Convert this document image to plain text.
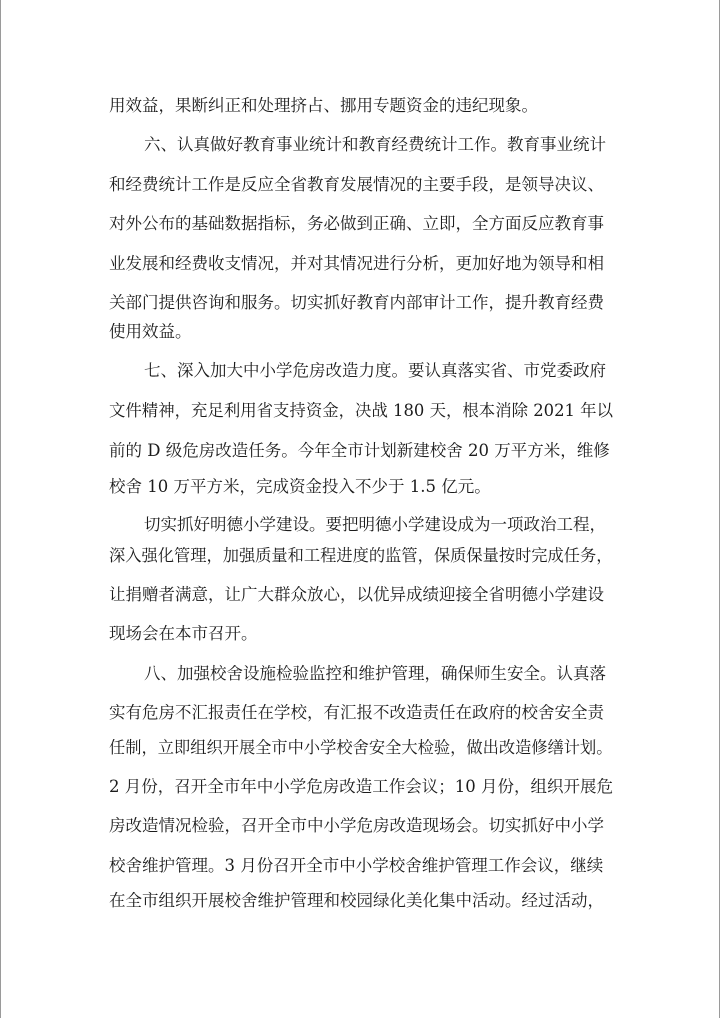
用效益，果断纠正和处理挤占、挪用专题资金的违纪现象。
六、认真做好教育事业统计和教育经费统计工作。教育事业统计
和经费统计工作是反应全省教育发展情况的主要手段，是领导决议、
对外公布的基础数据指标，务必做到正确、立即，全方面反应教育事
业发展和经费收支情况，并对其情况进行分析，更加好地为领导和相
关部门提供咨询和服务。切实抓好教育内部审计工作，提升教育经费
使用效益。
七、深入加大中小学危房改造力度。要认真落实省、市党委政府
文件精神，充足利用省支持资金，决战 180 天，根本消除 2021 年以
前的 D 级危房改造任务。今年全市计划新建校舍 20 万平方米，维修
校舍 10 万平方米，完成资金投入不少于 1.5 亿元。
切实抓好明德小学建设。要把明德小学建设成为一项政治工程，
深入强化管理，加强质量和工程进度的监管，保质保量按时完成任务，
让捐赠者满意，让广大群众放心，以优异成绩迎接全省明德小学建设
现场会在本市召开。
八、加强校舍设施检验监控和维护管理，确保师生安全。认真落
实有危房不汇报责任在学校，有汇报不改造责任在政府的校舍安全责
任制，立即组织开展全市中小学校舍安全大检验，做出改造修缮计划。
2 月份，召开全市年中小学危房改造工作会议；10 月份，组织开展危
房改造情况检验，召开全市中小学危房改造现场会。切实抓好中小学
校舍维护管理。3 月份召开全市中小学校舍维护管理工作会议，继续
在全市组织开展校舍维护管理和校园绿化美化集中活动。经过活动，
